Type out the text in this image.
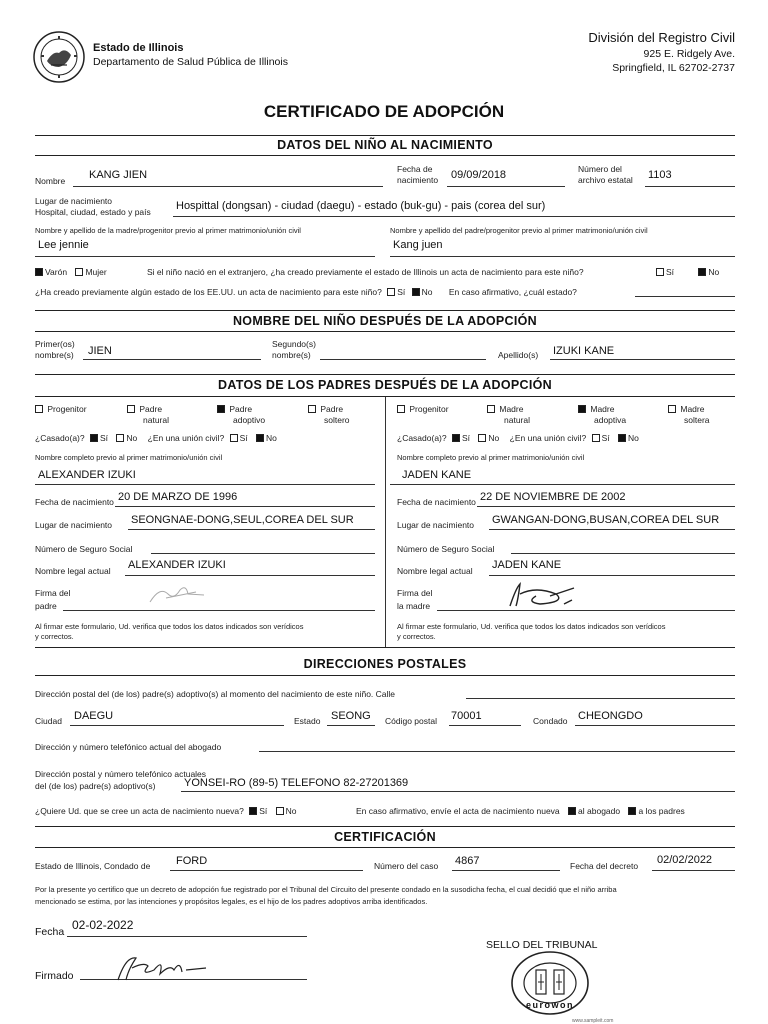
Estado de Illinois
Departamento de Salud Pública de Illinois
División del Registro Civil
925 E. Ridgely Ave.
Springfield, IL 62702-2737
CERTIFICADO DE ADOPCIÓN
DATOS DEL NIÑO AL NACIMIENTO
Nombre KANG JIEN	Fecha de
nacimiento 09/09/2018	Número del
archivo estatal 1103
Lugar de nacimiento
Hospital, ciudad, estado y país Hospittal (dongsan) - ciudad (daegu) - estado (buk-gu) - pais (corea del sur)
Nombre y apellido de la madre/progenitor previo al primer matrimonio/unión civil
Lee jennie
Nombre y apellido del padre/progenitor previo al primer matrimonio/unión civil
Kang juen
Varón Mujer	Si el niño nació en el extranjero, ¿ha creado previamente el estado de Illinois un acta de nacimiento para este niño?	Sí	No
¿Ha creado previamente algún estado de los EE.UU. un acta de nacimiento para este niño? Sí No En caso afirmativo, ¿cuál estado?
NOMBRE DEL NIÑO DESPUÉS DE LA ADOPCIÓN
Primer(os)
nombre(s) JIEN
Segundo(s)
nombre(s)	Apellido(s) IZUKI KANE
DATOS DE LOS PADRES DESPUÉS DE LA ADOPCIÓN
Progenitor	Padre
natural
Padre
adoptivo
Padre
soltero
¿Casado(a)? Sí No ¿En una unión civil? Sí No
Nombre completo previo al primer matrimonio/unión civil
ALEXANDER IZUKI
Fecha de nacimiento 20 DE MARZO DE 1996
Lugar de nacimiento SEONGNAE-DONG,SEUL,COREA DEL SUR
Número de Seguro Social
Nombre legal actual ALEXANDER IZUKI
Firma del
padre
Al firmar este formulario, Ud. verifica que todos los datos indicados son verídicos
y correctos.
Progenitor	Madre
natural
Madre
adoptiva
Madre
soltera
¿Casado(a)? Sí No ¿En una unión civil? Sí No
Nombre completo previo al primer matrimonio/unión civil
JADEN KANE
Fecha de nacimiento 22 DE NOVIEMBRE DE 2002
Lugar de nacimiento GWANGAN-DONG,BUSAN,COREA DEL SUR
Número de Seguro Social
Nombre legal actual JADEN KANE
Firma del
la madre
Al firmar este formulario, Ud. verifica que todos los datos indicados son verídicos
y correctos.
DIRECCIONES POSTALES
Dirección postal del (de los) padre(s) adoptivo(s) al momento del nacimiento de este niño. Calle
Ciudad DAEGU	Estado SEONG Código postal 70001	Condado CHEONGDO
Dirección y número telefónico actual del abogado
Dirección postal y número telefónico actuales
del (de los) padre(s) adoptivo(s)	YONSEI-RO (89-5) TELEFONO 82-27201369
¿Quiere Ud. que se cree un acta de nacimiento nueva? Sí No	En caso afirmativo, envíe el acta de nacimiento nueva al abogado a los padres
CERTIFICACIÓN
Estado de Illinois, Condado de FORD	Número del caso 4867	Fecha del decreto 02/02/2022
Por la presente yo certifico que un decreto de adopción fue registrado por el Tribunal del Circuito del presente condado en la susodicha fecha, el cual decidió que el niño arriba
mencionado se estima, por las intenciones y propósitos legales, es el hijo de los padres adoptivos arriba identificados.
Fecha 02-02-2022
Firmado
SELLO DEL TRIBUNAL
eurowon
www.sampleit.com
